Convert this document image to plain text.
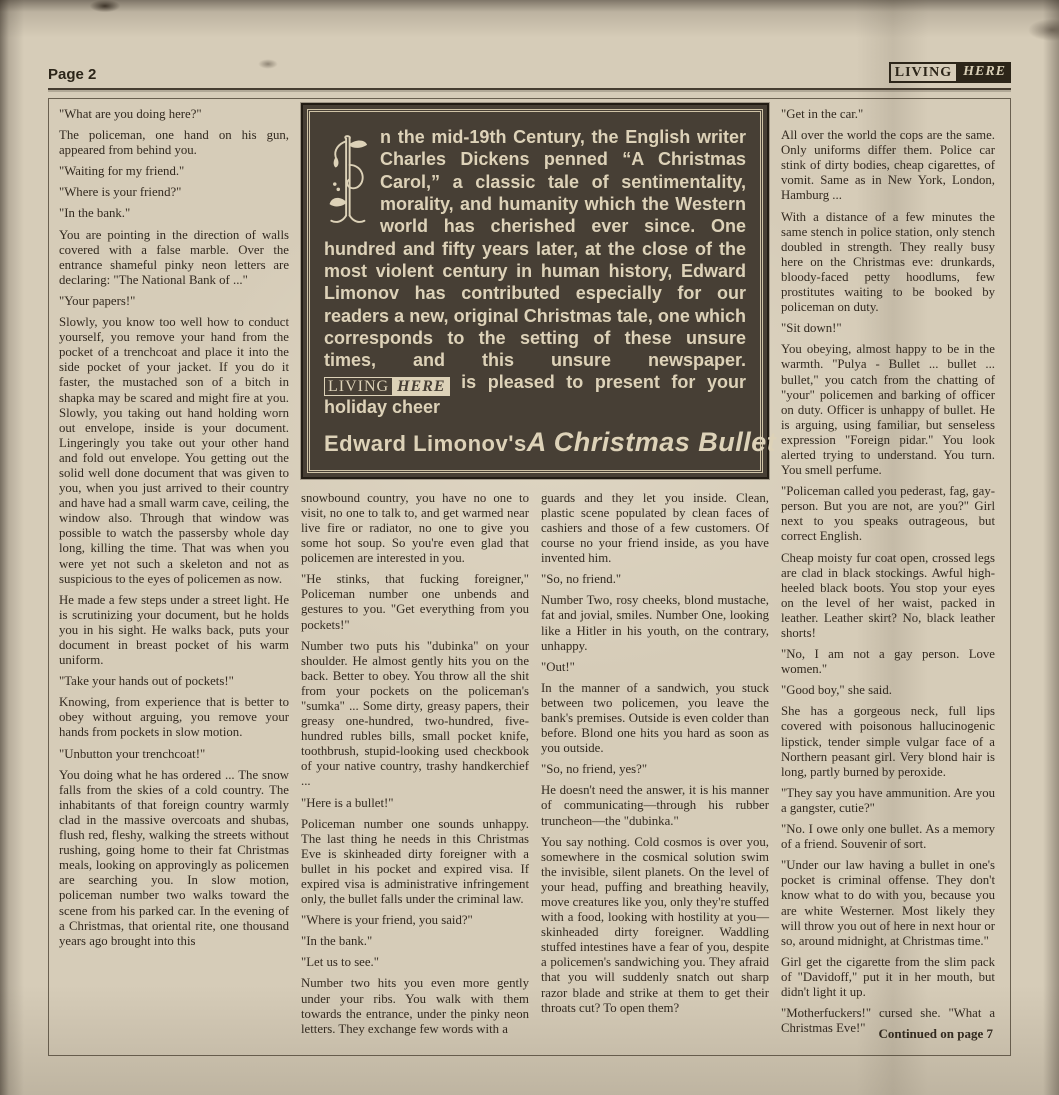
Page 2	LIVING HERE

"What are you doing here?"

The policeman, one hand on his gun, appeared from behind you.

"Waiting for my friend."

"Where is your friend?"

"In the bank."

You are pointing in the direction of walls covered with a false marble. Over the entrance shameful pinky neon letters are declaring: "The National Bank of ..."

"Your papers!"

Slowly, you know too well how to conduct yourself, you remove your hand from the pocket of a trenchcoat and place it into the side pocket of your jacket. If you do it faster, the mustached son of a bitch in shapka may be scared and might fire at you. Slowly, you taking out hand holding worn out envelope, inside is your document. Lingeringly you take out your other hand and fold out envelope. You getting out the solid well done document that was given to you, when you just arrived to their country and have had a small warm cave, ceiling, the window also. Through that window was possible to watch the passersby whole day long, killing the time. That was when you were yet not such a skeleton and not as suspicious to the eyes of policemen as now.

He made a few steps under a street light. He is scrutinizing your document, but he holds you in his sight. He walks back, puts your document in breast pocket of his warm uniform.

"Take your hands out of pockets!"

Knowing, from experience that is better to obey without arguing, you remove your hands from pockets in slow motion.

"Unbutton your trenchcoat!"

You doing what he has ordered ... The snow falls from the skies of a cold country. The inhabitants of that foreign country warmly clad in the massive overcoats and shubas, flush red, fleshy, walking the streets without rushing, going home to their fat Christmas meals, looking on approvingly as policemen are searching you. In slow motion, policeman number two walks toward the scene from his parked car. In the evening of a Christmas, that oriental rite, one thousand years ago brought into this

n the mid-19th Century, the English writer Charles Dickens penned “A Christmas Carol,” a classic tale of sentimentality, morality, and humanity which the Western world has cherished ever since. One hundred and fifty years later, at the close of the most violent century in human history, Edward Limonov has contributed especially for our readers a new, original Christmas tale, one which corresponds to the setting of these unsure times, and this unsure newspaper.
LIVING HERE is pleased to present for your holiday cheer
Edward Limonov's A Christmas Bullet

snowbound country, you have no one to visit, no one to talk to, and get warmed near live fire or radiator, no one to give you some hot soup. So you're even glad that policemen are interested in you.

"He stinks, that fucking foreigner," Policeman number one unbends and gestures to you. "Get everything from you pockets!"

Number two puts his "dubinka" on your shoulder. He almost gently hits you on the back. Better to obey. You throw all the shit from your pockets on the policeman's "sumka" ... Some dirty, greasy papers, their greasy one-hundred, two-hundred, five-hundred rubles bills, small pocket knife, toothbrush, stupid-looking used checkbook of your native country, trashy handkerchief ...

"Here is a bullet!"

Policeman number one sounds unhappy. The last thing he needs in this Christmas Eve is skinheaded dirty foreigner with a bullet in his pocket and expired visa. If expired visa is administrative infringement only, the bullet falls under the criminal law.

"Where is your friend, you said?"

"In the bank."

"Let us to see."

Number two hits you even more gently under your ribs. You walk with them towards the entrance, under the pinky neon letters. They exchange few words with a

guards and they let you inside. Clean, plastic scene populated by clean faces of cashiers and those of a few customers. Of course no your friend inside, as you have invented him.

"So, no friend."

Number Two, rosy cheeks, blond mustache, fat and jovial, smiles. Number One, looking like a Hitler in his youth, on the contrary, unhappy.

"Out!"

In the manner of a sandwich, you stuck between two policemen, you leave the bank's premises. Outside is even colder than before. Blond one hits you hard as soon as you outside.

"So, no friend, yes?"

He doesn't need the answer, it is his manner of communicating—through his rubber truncheon—the "dubinka."

You say nothing. Cold cosmos is over you, somewhere in the cosmical solution swim the invisible, silent planets. On the level of your head, puffing and breathing heavily, move creatures like you, only they're stuffed with a food, looking with hostility at you—skinheaded dirty foreigner. Waddling stuffed intestines have a fear of you, despite a policemen's sandwiching you. They afraid that you will suddenly snatch out sharp razor blade and strike at them to get their throats cut? To open them?

"Get in the car."

All over the world the cops are the same. Only uniforms differ them. Police car stink of dirty bodies, cheap cigarettes, of vomit. Same as in New York, London, Hamburg ...

With a distance of a few minutes the same stench in police station, only stench doubled in strength. They really busy here on the Christmas eve: drunkards, bloody-faced petty hoodlums, few prostitutes waiting to be booked by policeman on duty.

"Sit down!"

You obeying, almost happy to be in the warmth. "Pulya - Bullet ... bullet ... bullet," you catch from the chatting of "your" policemen and barking of officer on duty. Officer is unhappy of bullet. He is arguing, using familiar, but senseless expression "Foreign pidar." You look alerted trying to understand. You turn. You smell perfume.

"Policeman called you pederast, fag, gay-person. But you are not, are you?" Girl next to you speaks outrageous, but correct English.

Cheap moisty fur coat open, crossed legs are clad in black stockings. Awful high-heeled black boots. You stop your eyes on the level of her waist, packed in leather. Leather skirt? No, black leather shorts!

"No, I am not a gay person. Love women."

"Good boy," she said.

She has a gorgeous neck, full lips covered with poisonous hallucinogenic lipstick, tender simple vulgar face of a Northern peasant girl. Very blond hair is long, partly burned by peroxide.

"They say you have ammunition. Are you a gangster, cutie?"

"No. I owe only one bullet. As a memory of a friend. Souvenir of sort.

"Under our law having a bullet in one's pocket is criminal offense. They don't know what to do with you, because you are white Westerner. Most likely they will throw you out of here in next hour or so, around midnight, at Christmas time."

Girl get the cigarette from the slim pack of "Davidoff," put it in her mouth, but didn't light it up.

"Motherfuckers!" cursed she. "What a Christmas Eve!"	Continued on page 7
